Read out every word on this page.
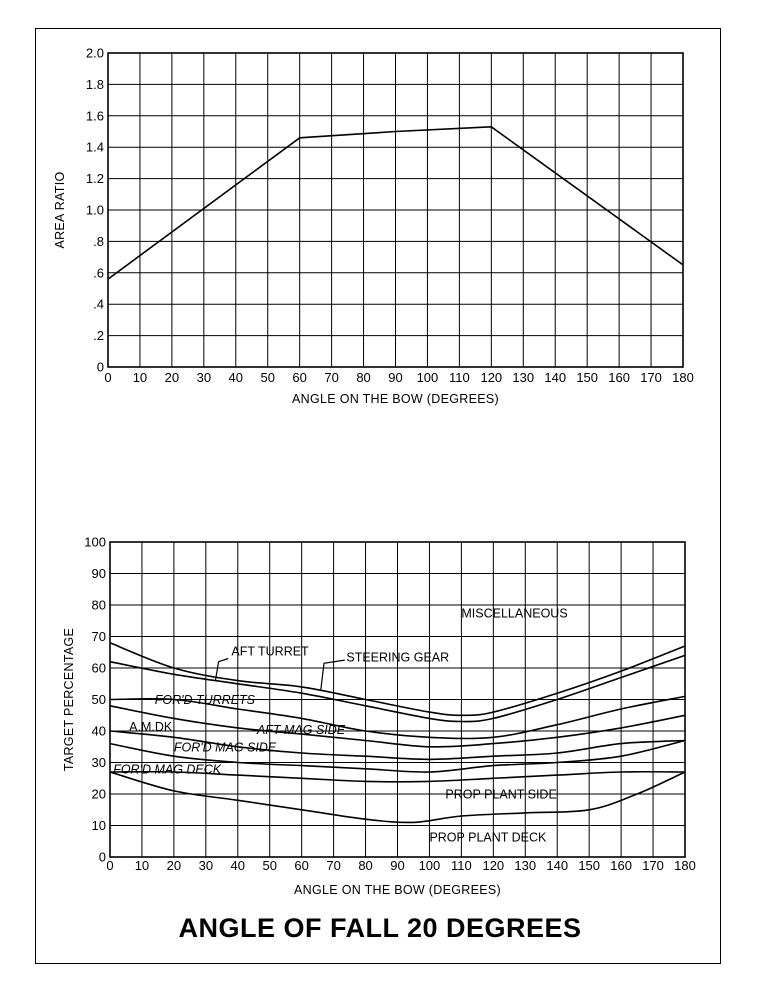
0 10 20 30 40 50 60 70 80 90 100 110 120 130 140 150 160 170 180
0
.2
.4
.6
.8
1.0
1.2
1.4
1.6
1.8
2.0
ANGLE ON THE BOW (DEGREES)
AREA RATIO
0 10 20 30 40 50 60 70 80 90 100 110 120 130 140 150 160 170 180
0
10
20
30
40
50
60
70
80
90
100
ANGLE ON THE BOW (DEGREES)
TARGET PERCENTAGE
MISCELLANEOUS
AFT TURRET	STEERING GEAR
FOR'D TURRETS
A.M.DK	AFT MAG SIDE
FOR'D MAG SIDE
FOR'D MAG DECK
PROP PLANT SIDE
PROP PLANT DECK
ANGLE OF FALL 20 DEGREES
